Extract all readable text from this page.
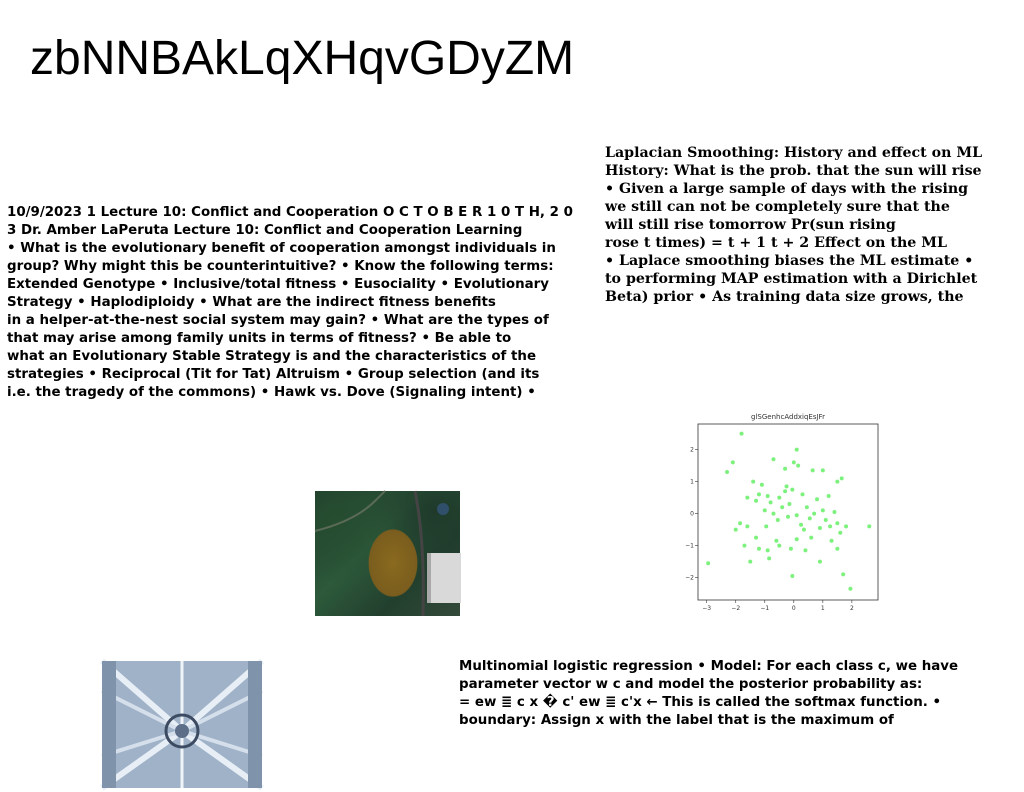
zbNNBAkLqXHqvGDyZM
10/9/2023 1 Lecture 10: Conflict and Cooperation O C T O B E R 1 0 T H, 2 0
3 Dr. Amber LaPeruta Lecture 10: Conflict and Cooperation Learning
• What is the evolutionary benefit of cooperation amongst individuals in
group? Why might this be counterintuitive? • Know the following terms:
Extended Genotype • Inclusive/total fitness • Eusociality • Evolutionary
Strategy • Haplodiploidy • What are the indirect fitness benefits
in a helper-at-the-nest social system may gain? • What are the types of
that may arise among family units in terms of fitness? • Be able to
what an Evolutionary Stable Strategy is and the characteristics of the
strategies • Reciprocal (Tit for Tat) Altruism • Group selection (and its
i.e. the tragedy of the commons) • Hawk vs. Dove (Signaling intent) •
Laplacian Smoothing: History and effect on ML
History: What is the prob. that the sun will rise
• Given a large sample of days with the rising
we still can not be completely sure that the
will still rise tomorrow Pr(sun rising
rose t times) = t + 1 t + 2 Effect on the ML
• Laplace smoothing biases the ML estimate •
to performing MAP estimation with a Dirichlet
Beta) prior • As training data size grows, the
glSGenhcAddxiqEsJFr
−3	−2	−1	0	1	2
−2
−1
0
1
2
Multinomial logistic regression • Model: For each class c, we have
parameter vector w c and model the posterior probability as:
= ew ≣ c x � c' ew ≣ c'x ← This is called the softmax function. •
boundary: Assign x with the label that is the maximum of
